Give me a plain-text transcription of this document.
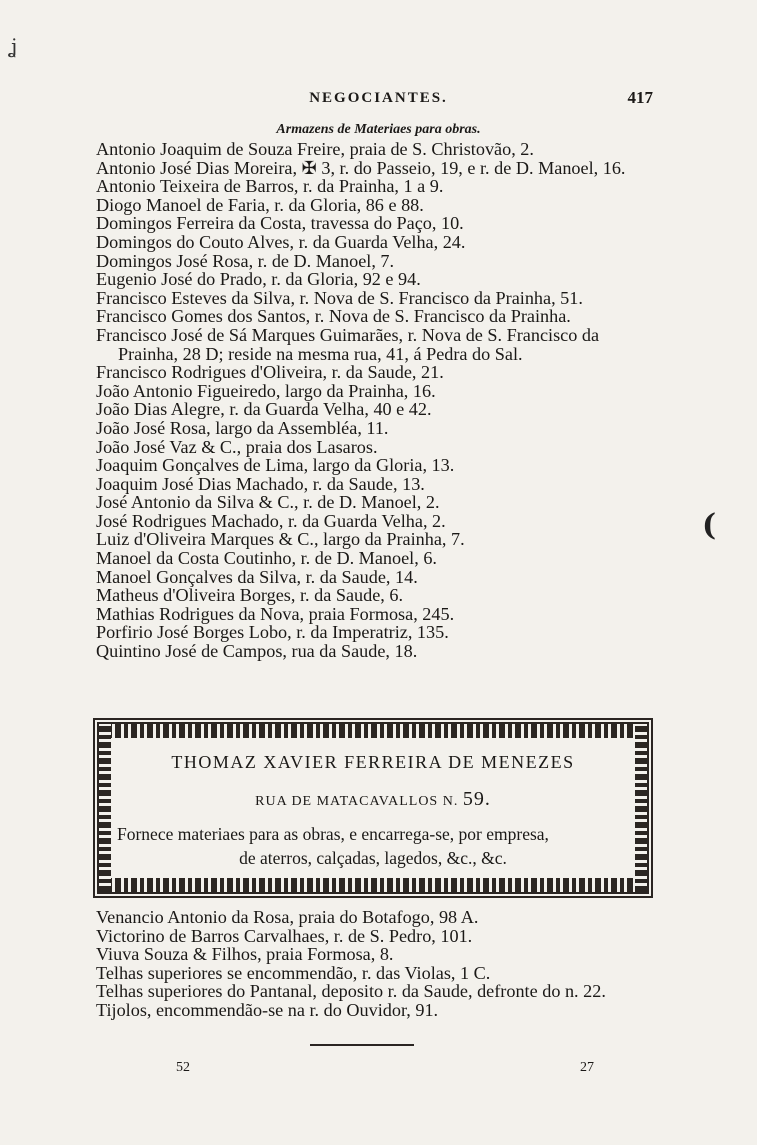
ʝ
(
NEGOCIANTES.	417
Armazens de Materiaes para obras.

Antonio Joaquim de Souza Freire, praia de S. Christovão, 2.

Antonio José Dias Moreira, ✠ 3, r. do Passeio, 19, e r. de D. Manoel, 16.

Antonio Teixeira de Barros, r. da Prainha, 1 a 9.

Diogo Manoel de Faria, r. da Gloria, 86 e 88.

Domingos Ferreira da Costa, travessa do Paço, 10.

Domingos do Couto Alves, r. da Guarda Velha, 24.

Domingos José Rosa, r. de D. Manoel, 7.

Eugenio José do Prado, r. da Gloria, 92 e 94.

Francisco Esteves da Silva, r. Nova de S. Francisco da Prainha, 51.

Francisco Gomes dos Santos, r. Nova de S. Francisco da Prainha.

Francisco José de Sá Marques Guimarães, r. Nova de S. Francisco da Prainha, 28 D; reside na mesma rua, 41, á Pedra do Sal.

Francisco Rodrigues d'Oliveira, r. da Saude, 21.

João Antonio Figueiredo, largo da Prainha, 16.

João Dias Alegre, r. da Guarda Velha, 40 e 42.

João José Rosa, largo da Assembléa, 11.

João José Vaz & C., praia dos Lasaros.

Joaquim Gonçalves de Lima, largo da Gloria, 13.

Joaquim José Dias Machado, r. da Saude, 13.

José Antonio da Silva & C., r. de D. Manoel, 2.

José Rodrigues Machado, r. da Guarda Velha, 2.

Luiz d'Oliveira Marques & C., largo da Prainha, 7.

Manoel da Costa Coutinho, r. de D. Manoel, 6.

Manoel Gonçalves da Silva, r. da Saude, 14.

Matheus d'Oliveira Borges, r. da Saude, 6.

Mathias Rodrigues da Nova, praia Formosa, 245.

Porfirio José Borges Lobo, r. da Imperatriz, 135.

Quintino José de Campos, rua da Saude, 18.

THOMAZ XAVIER FERREIRA DE MENEZES
RUA DE MATACAVALLOS N. 59.
Fornece materiaes para as obras, e encarrega-se, por empresa,
de aterros, calçadas, lagedos, &c., &c.

Venancio Antonio da Rosa, praia do Botafogo, 98 A.

Victorino de Barros Carvalhaes, r. de S. Pedro, 101.

Viuva Souza & Filhos, praia Formosa, 8.

Telhas superiores se encommendão, r. das Violas, 1 C.

Telhas superiores do Pantanal, deposito r. da Saude, defronte do n. 22.

Tijolos, encommendão-se na r. do Ouvidor, 91.

52	27
